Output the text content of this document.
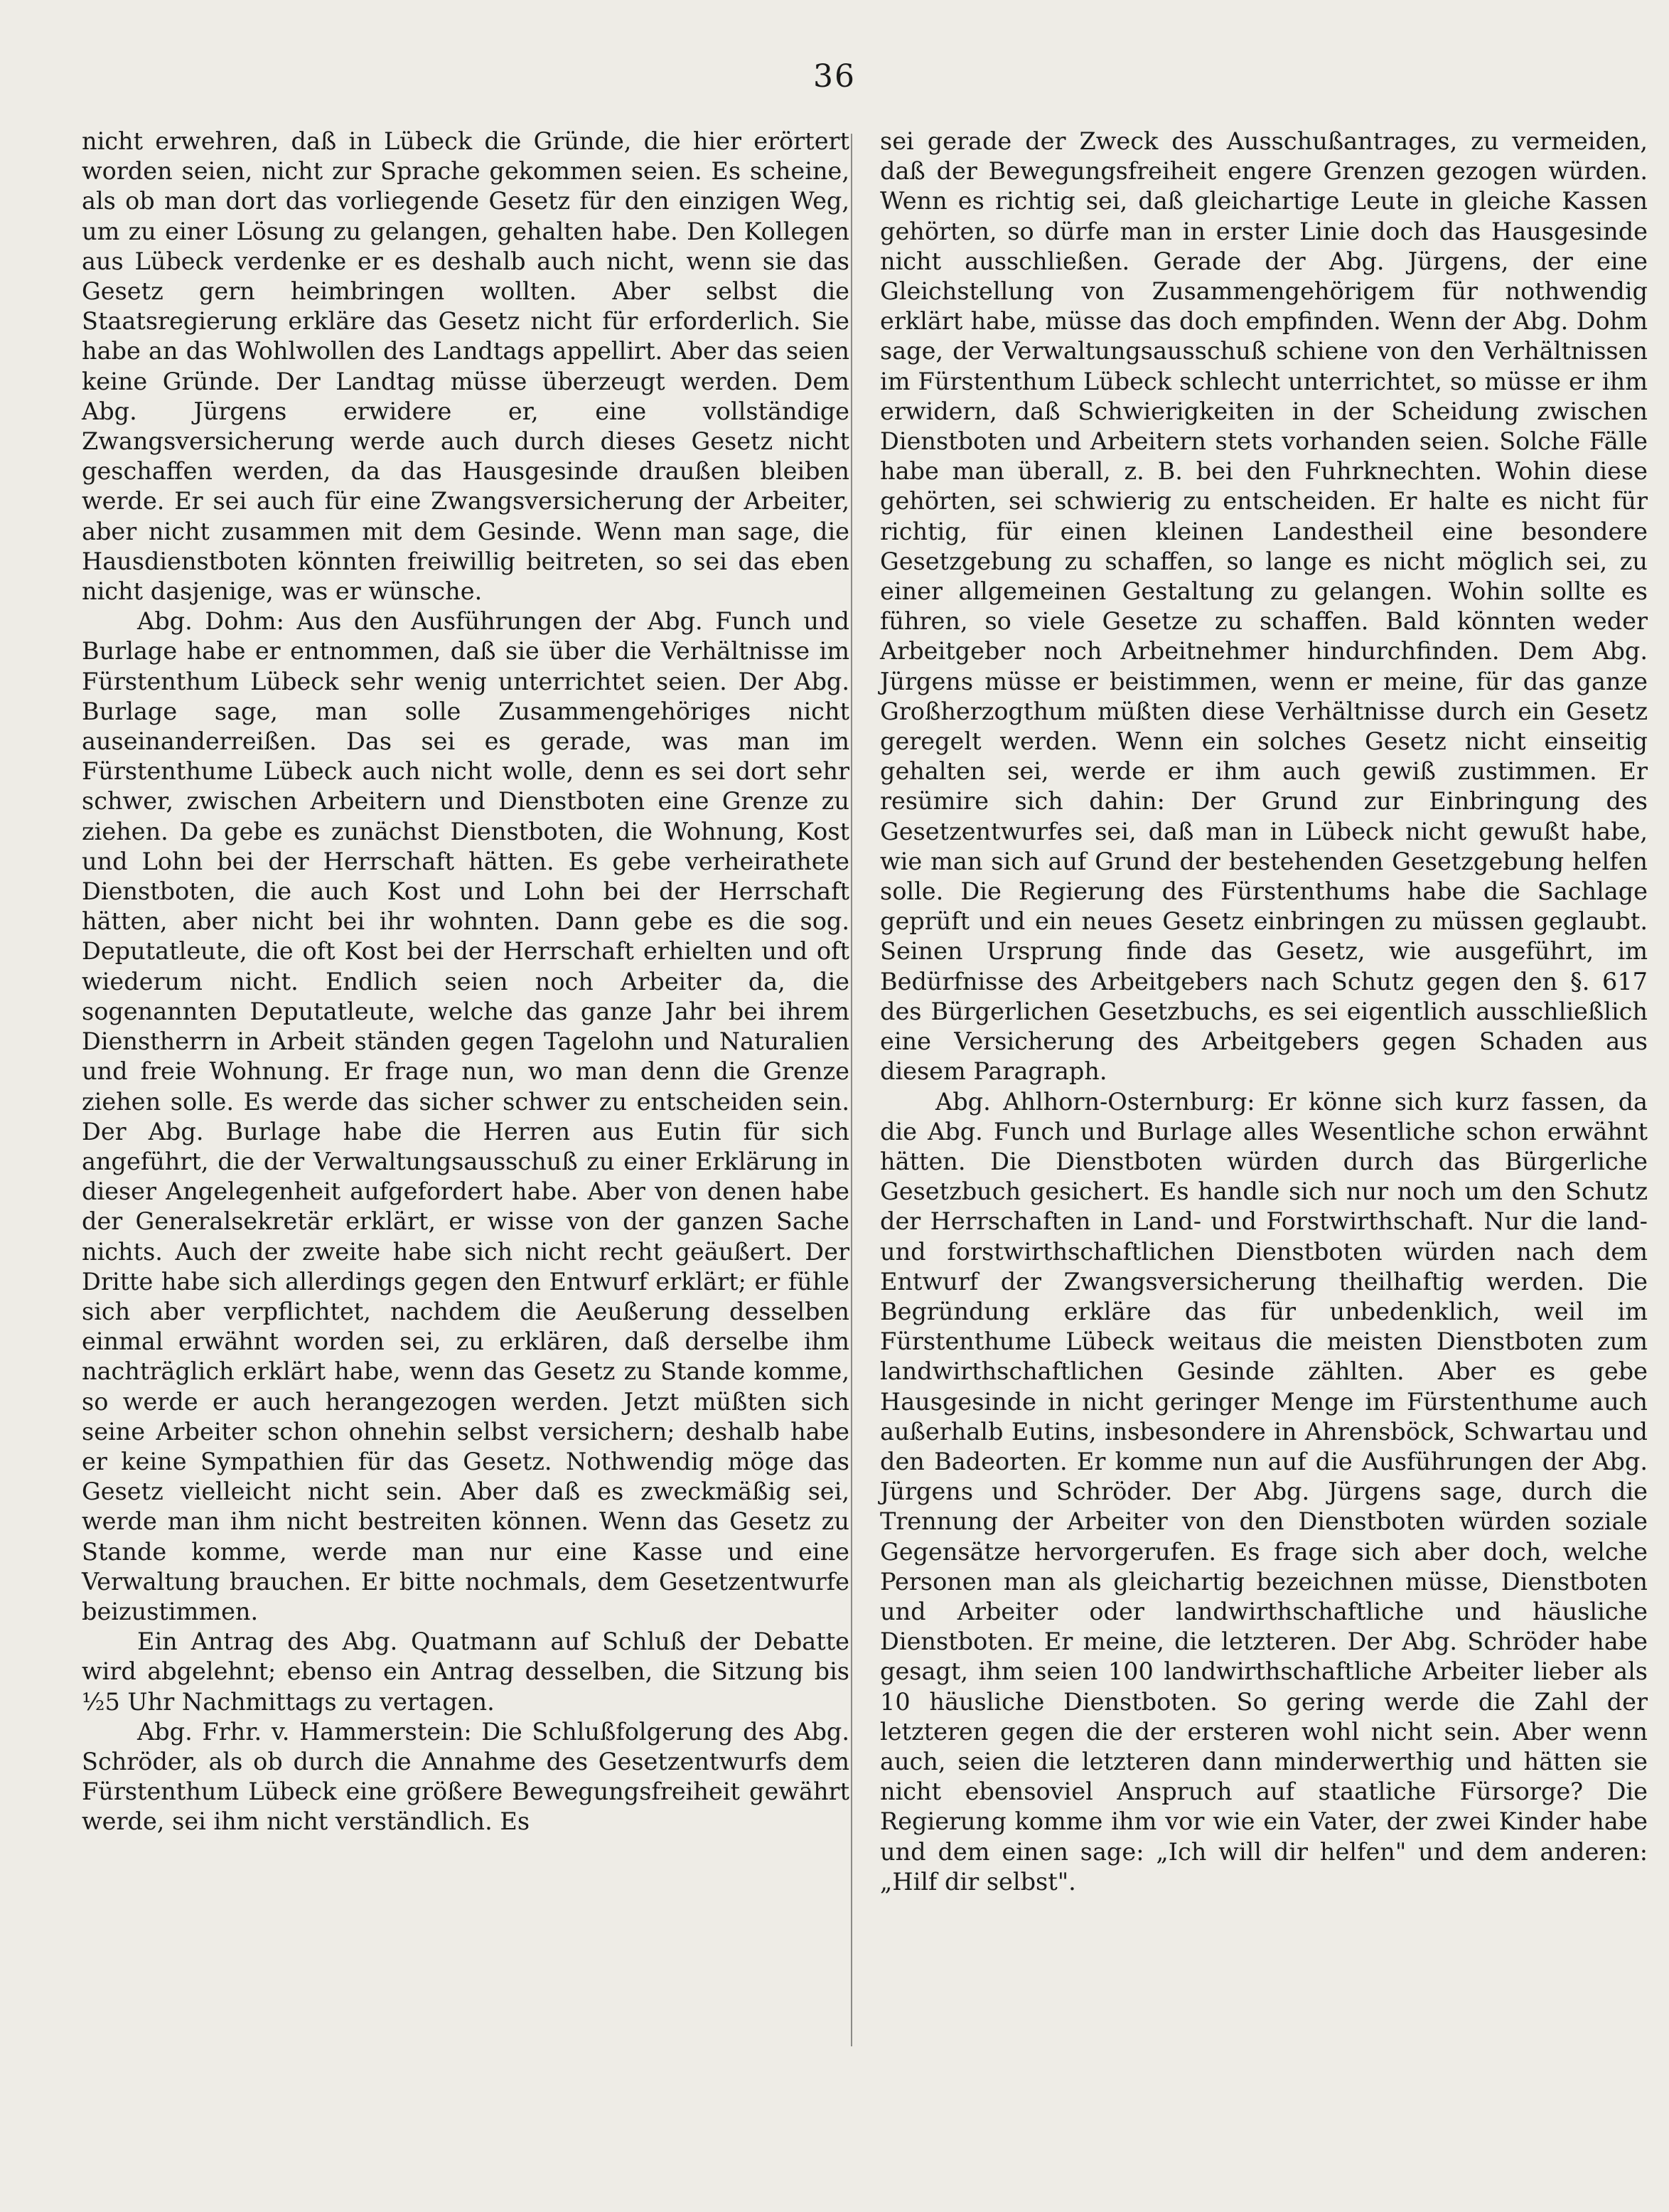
36

nicht erwehren, daß in Lübeck die Gründe, die hier erörtert worden seien, nicht zur Sprache gekommen seien. Es scheine, als ob man dort das vorliegende Gesetz für den einzigen Weg, um zu einer Lösung zu gelangen, gehalten habe. Den Kollegen aus Lübeck verdenke er es deshalb auch nicht, wenn sie das Gesetz gern heimbringen wollten. Aber selbst die Staatsregierung erkläre das Gesetz nicht für erforderlich. Sie habe an das Wohlwollen des Landtags appellirt. Aber das seien keine Gründe. Der Landtag müsse überzeugt werden. Dem Abg. Jürgens erwidere er, eine vollständige Zwangsversicherung werde auch durch dieses Gesetz nicht geschaffen werden, da das Hausgesinde draußen bleiben werde. Er sei auch für eine Zwangsversicherung der Arbeiter, aber nicht zusammen mit dem Gesinde. Wenn man sage, die Hausdienstboten könnten freiwillig beitreten, so sei das eben nicht dasjenige, was er wünsche.

Abg. Dohm: Aus den Ausführungen der Abg. Funch und Burlage habe er entnommen, daß sie über die Verhältnisse im Fürstenthum Lübeck sehr wenig unterrichtet seien. Der Abg. Burlage sage, man solle Zusammengehöriges nicht auseinanderreißen. Das sei es gerade, was man im Fürstenthume Lübeck auch nicht wolle, denn es sei dort sehr schwer, zwischen Arbeitern und Dienstboten eine Grenze zu ziehen. Da gebe es zunächst Dienstboten, die Wohnung, Kost und Lohn bei der Herrschaft hätten. Es gebe verheirathete Dienstboten, die auch Kost und Lohn bei der Herrschaft hätten, aber nicht bei ihr wohnten. Dann gebe es die sog. Deputatleute, die oft Kost bei der Herrschaft erhielten und oft wiederum nicht. Endlich seien noch Arbeiter da, die sogenannten Deputatleute, welche das ganze Jahr bei ihrem Dienstherrn in Arbeit ständen gegen Tagelohn und Naturalien und freie Wohnung. Er frage nun, wo man denn die Grenze ziehen solle. Es werde das sicher schwer zu entscheiden sein. Der Abg. Burlage habe die Herren aus Eutin für sich angeführt, die der Verwaltungsausschuß zu einer Erklärung in dieser Angelegenheit aufgefordert habe. Aber von denen habe der Generalsekretär erklärt, er wisse von der ganzen Sache nichts. Auch der zweite habe sich nicht recht geäußert. Der Dritte habe sich allerdings gegen den Entwurf erklärt; er fühle sich aber verpflichtet, nachdem die Aeußerung desselben einmal erwähnt worden sei, zu erklären, daß derselbe ihm nachträglich erklärt habe, wenn das Gesetz zu Stande komme, so werde er auch herangezogen werden. Jetzt müßten sich seine Arbeiter schon ohnehin selbst versichern; deshalb habe er keine Sympathien für das Gesetz. Nothwendig möge das Gesetz vielleicht nicht sein. Aber daß es zweckmäßig sei, werde man ihm nicht bestreiten können. Wenn das Gesetz zu Stande komme, werde man nur eine Kasse und eine Verwaltung brauchen. Er bitte nochmals, dem Gesetzentwurfe beizustimmen.

Ein Antrag des Abg. Quatmann auf Schluß der Debatte wird abgelehnt; ebenso ein Antrag desselben, die Sitzung bis ½5 Uhr Nachmittags zu vertagen.

Abg. Frhr. v. Hammerstein: Die Schlußfolgerung des Abg. Schröder, als ob durch die Annahme des Gesetzentwurfs dem Fürstenthum Lübeck eine größere Bewegungsfreiheit gewährt werde, sei ihm nicht verständlich. Es

sei gerade der Zweck des Ausschußantrages, zu vermeiden, daß der Bewegungsfreiheit engere Grenzen gezogen würden. Wenn es richtig sei, daß gleichartige Leute in gleiche Kassen gehörten, so dürfe man in erster Linie doch das Hausgesinde nicht ausschließen. Gerade der Abg. Jürgens, der eine Gleichstellung von Zusammengehörigem für nothwendig erklärt habe, müsse das doch empfinden. Wenn der Abg. Dohm sage, der Verwaltungsausschuß schiene von den Verhältnissen im Fürstenthum Lübeck schlecht unterrichtet, so müsse er ihm erwidern, daß Schwierigkeiten in der Scheidung zwischen Dienstboten und Arbeitern stets vorhanden seien. Solche Fälle habe man überall, z. B. bei den Fuhrknechten. Wohin diese gehörten, sei schwierig zu entscheiden. Er halte es nicht für richtig, für einen kleinen Landestheil eine besondere Gesetzgebung zu schaffen, so lange es nicht möglich sei, zu einer allgemeinen Gestaltung zu gelangen. Wohin sollte es führen, so viele Gesetze zu schaffen. Bald könnten weder Arbeitgeber noch Arbeitnehmer hindurchfinden. Dem Abg. Jürgens müsse er beistimmen, wenn er meine, für das ganze Großherzogthum müßten diese Verhältnisse durch ein Gesetz geregelt werden. Wenn ein solches Gesetz nicht einseitig gehalten sei, werde er ihm auch gewiß zustimmen. Er resümire sich dahin: Der Grund zur Einbringung des Gesetzentwurfes sei, daß man in Lübeck nicht gewußt habe, wie man sich auf Grund der bestehenden Gesetzgebung helfen solle. Die Regierung des Fürstenthums habe die Sachlage geprüft und ein neues Gesetz einbringen zu müssen geglaubt. Seinen Ursprung finde das Gesetz, wie ausgeführt, im Bedürfnisse des Arbeitgebers nach Schutz gegen den §. 617 des Bürgerlichen Gesetzbuchs, es sei eigentlich ausschließlich eine Versicherung des Arbeitgebers gegen Schaden aus diesem Paragraph.

Abg. Ahlhorn-Osternburg: Er könne sich kurz fassen, da die Abg. Funch und Burlage alles Wesentliche schon erwähnt hätten. Die Dienstboten würden durch das Bürgerliche Gesetzbuch gesichert. Es handle sich nur noch um den Schutz der Herrschaften in Land- und Forstwirthschaft. Nur die land- und forstwirthschaftlichen Dienstboten würden nach dem Entwurf der Zwangsversicherung theilhaftig werden. Die Begründung erkläre das für unbedenklich, weil im Fürstenthume Lübeck weitaus die meisten Dienstboten zum landwirthschaftlichen Gesinde zählten. Aber es gebe Hausgesinde in nicht geringer Menge im Fürstenthume auch außerhalb Eutins, insbesondere in Ahrensböck, Schwartau und den Badeorten. Er komme nun auf die Ausführungen der Abg. Jürgens und Schröder. Der Abg. Jürgens sage, durch die Trennung der Arbeiter von den Dienstboten würden soziale Gegensätze hervorgerufen. Es frage sich aber doch, welche Personen man als gleichartig bezeichnen müsse, Dienstboten und Arbeiter oder landwirthschaftliche und häusliche Dienstboten. Er meine, die letzteren. Der Abg. Schröder habe gesagt, ihm seien 100 landwirthschaftliche Arbeiter lieber als 10 häusliche Dienstboten. So gering werde die Zahl der letzteren gegen die der ersteren wohl nicht sein. Aber wenn auch, seien die letzteren dann minderwerthig und hätten sie nicht ebensoviel Anspruch auf staatliche Fürsorge? Die Regierung komme ihm vor wie ein Vater, der zwei Kinder habe und dem einen sage: „Ich will dir helfen" und dem anderen: „Hilf dir selbst".
